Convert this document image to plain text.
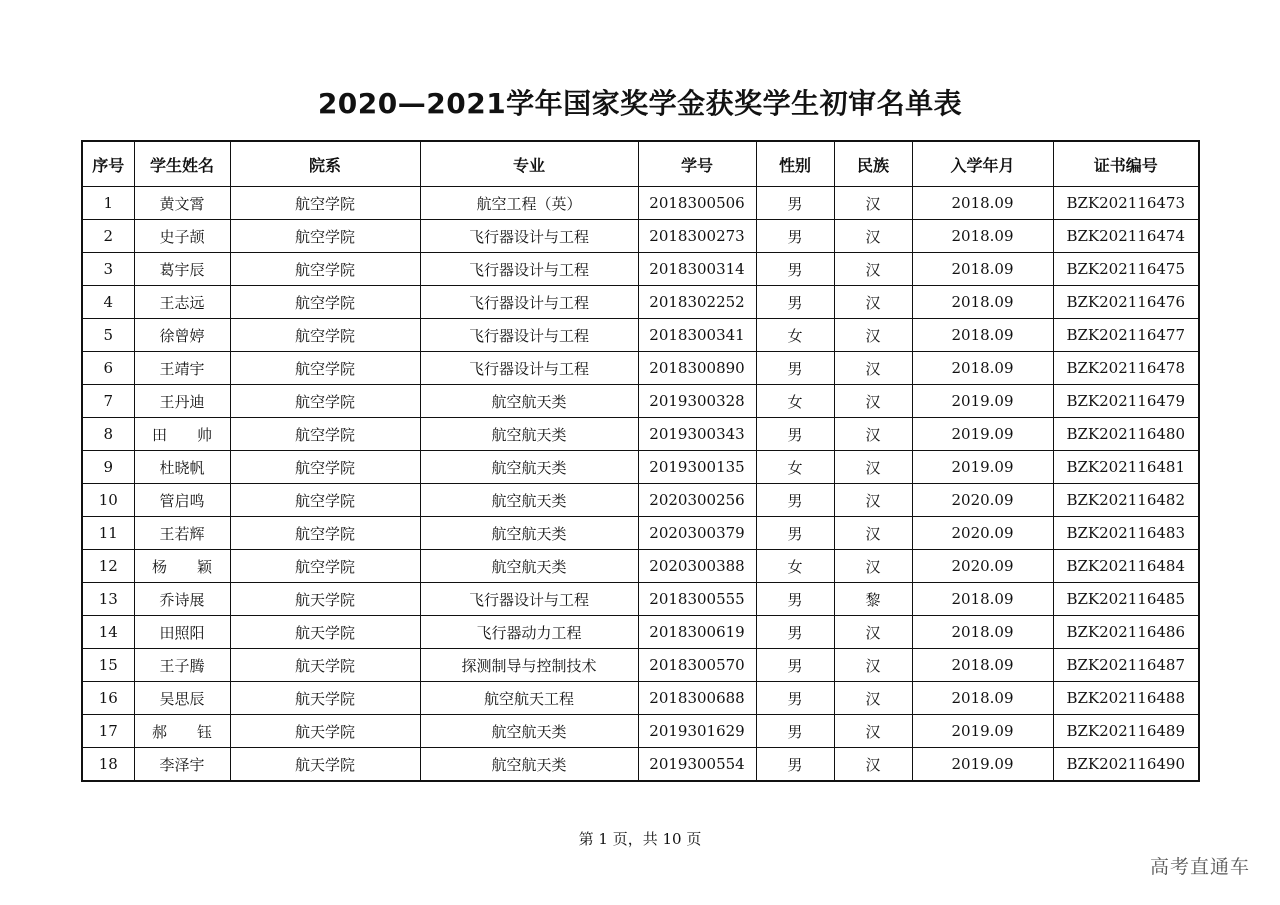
2020—2021学年国家奖学金获奖学生初审名单表
序号	学生姓名	院系	专业	学号	性别	民族	入学年月	证书编号
1	黄文霄	航空学院	航空工程（英）	2018300506	男	汉	2018.09	BZK202116473
2	史子颉	航空学院	飞行器设计与工程	2018300273	男	汉	2018.09	BZK202116474
3	葛宇辰	航空学院	飞行器设计与工程	2018300314	男	汉	2018.09	BZK202116475
4	王志远	航空学院	飞行器设计与工程	2018302252	男	汉	2018.09	BZK202116476
5	徐曾婷	航空学院	飞行器设计与工程	2018300341	女	汉	2018.09	BZK202116477
6	王靖宇	航空学院	飞行器设计与工程	2018300890	男	汉	2018.09	BZK202116478
7	王丹迪	航空学院	航空航天类	2019300328	女	汉	2019.09	BZK202116479
8	田　　帅	航空学院	航空航天类	2019300343	男	汉	2019.09	BZK202116480
9	杜晓帆	航空学院	航空航天类	2019300135	女	汉	2019.09	BZK202116481
10	管启鸣	航空学院	航空航天类	2020300256	男	汉	2020.09	BZK202116482
11	王若辉	航空学院	航空航天类	2020300379	男	汉	2020.09	BZK202116483
12	杨　　颖	航空学院	航空航天类	2020300388	女	汉	2020.09	BZK202116484
13	乔诗展	航天学院	飞行器设计与工程	2018300555	男	黎	2018.09	BZK202116485
14	田照阳	航天学院	飞行器动力工程	2018300619	男	汉	2018.09	BZK202116486
15	王子腾	航天学院	探测制导与控制技术	2018300570	男	汉	2018.09	BZK202116487
16	吴思辰	航天学院	航空航天工程	2018300688	男	汉	2018.09	BZK202116488
17	郝　　钰	航天学院	航空航天类	2019301629	男	汉	2019.09	BZK202116489
18	李泽宇	航天学院	航空航天类	2019300554	男	汉	2019.09	BZK202116490
第 1 页，共 10 页
高考直通车
